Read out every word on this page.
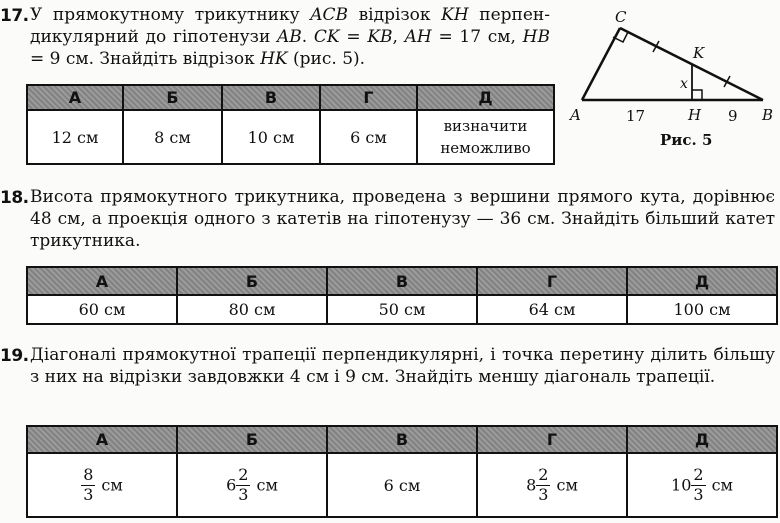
17. У прямокутному трикутнику ACB відрізок KH перпен-дикулярний до гіпотенузи AB. CK = KB, AH = 17 см, HB = 9 см. Знайдіть відрізок HK (рис. 5).
А	Б	В	Г	Д
12 см	8 см	10 см	6 см	визначити неможливо
C
K
x
A	H	B
17	9
Рис. 5
18. Висота прямокутного трикутника, проведена з вершини прямого кута, дорівнює 48 см, а проекція одного з катетів на гіпотенузу — 36 см. Знайдіть більший катет трикутника.
А	Б	В	Г	Д
60 см	80 см	50 см	64 см	100 см
19. Діагоналі прямокутної трапеції перпендикулярні, і точка перетину ділить більшу з них на відрізки завдовжки 4 см і 9 см. Знайдіть меншу діагональ трапеції.
А	Б	В	Г	Д

$\frac{8}{3}$ см	$6 \frac{2}{3}$ см	6 см	$8 \frac{2}{3}$ см	$10 \frac{2}{3}$ см
